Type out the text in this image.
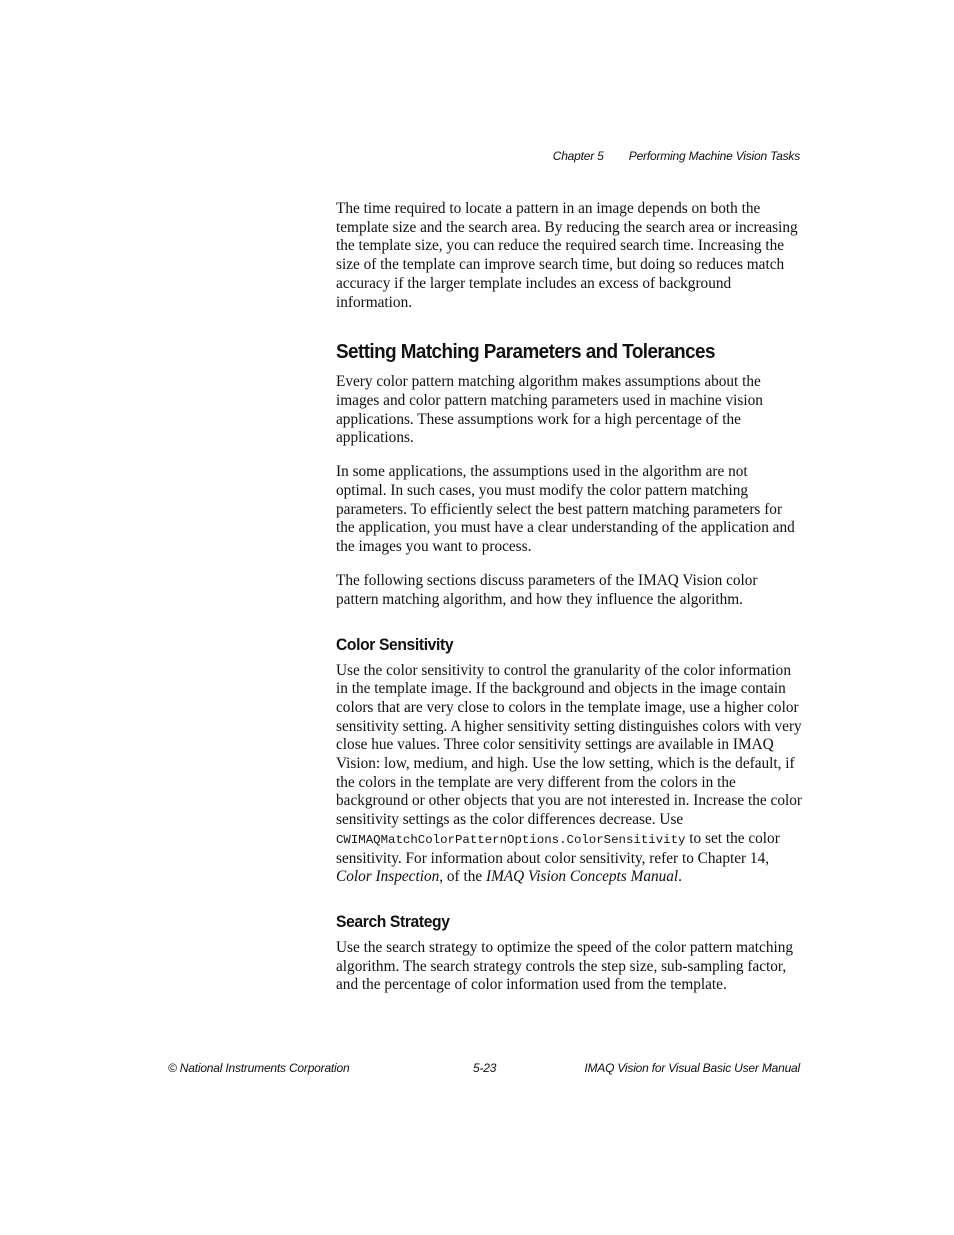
Chapter 5 Performing Machine Vision Tasks

The time required to locate a pattern in an image depends on both the template size and the search area. By reducing the search area or increasing the template size, you can reduce the required search time. Increasing the size of the template can improve search time, but doing so reduces match accuracy if the larger template includes an excess of background information.

Setting Matching Parameters and Tolerances

Every color pattern matching algorithm makes assumptions about the images and color pattern matching parameters used in machine vision applications. These assumptions work for a high percentage of the applications.

In some applications, the assumptions used in the algorithm are not optimal. In such cases, you must modify the color pattern matching parameters. To efficiently select the best pattern matching parameters for the application, you must have a clear understanding of the application and the images you want to process.

The following sections discuss parameters of the IMAQ Vision color pattern matching algorithm, and how they influence the algorithm.

Color Sensitivity

Use the color sensitivity to control the granularity of the color information in the template image. If the background and objects in the image contain colors that are very close to colors in the template image, use a higher color sensitivity setting. A higher sensitivity setting distinguishes colors with very close hue values. Three color sensitivity settings are available in IMAQ Vision: low, medium, and high. Use the low setting, which is the default, if the colors in the template are very different from the colors in the background or other objects that you are not interested in. Increase the color sensitivity settings as the color differences decrease. Use CWIMAQMatchColorPatternOptions.ColorSensitivity to set the color sensitivity. For information about color sensitivity, refer to Chapter 14, Color Inspection, of the IMAQ Vision Concepts Manual.

Search Strategy

Use the search strategy to optimize the speed of the color pattern matching algorithm. The search strategy controls the step size, sub-sampling factor, and the percentage of color information used from the template.

© National Instruments Corporation	5-23	IMAQ Vision for Visual Basic User Manual
